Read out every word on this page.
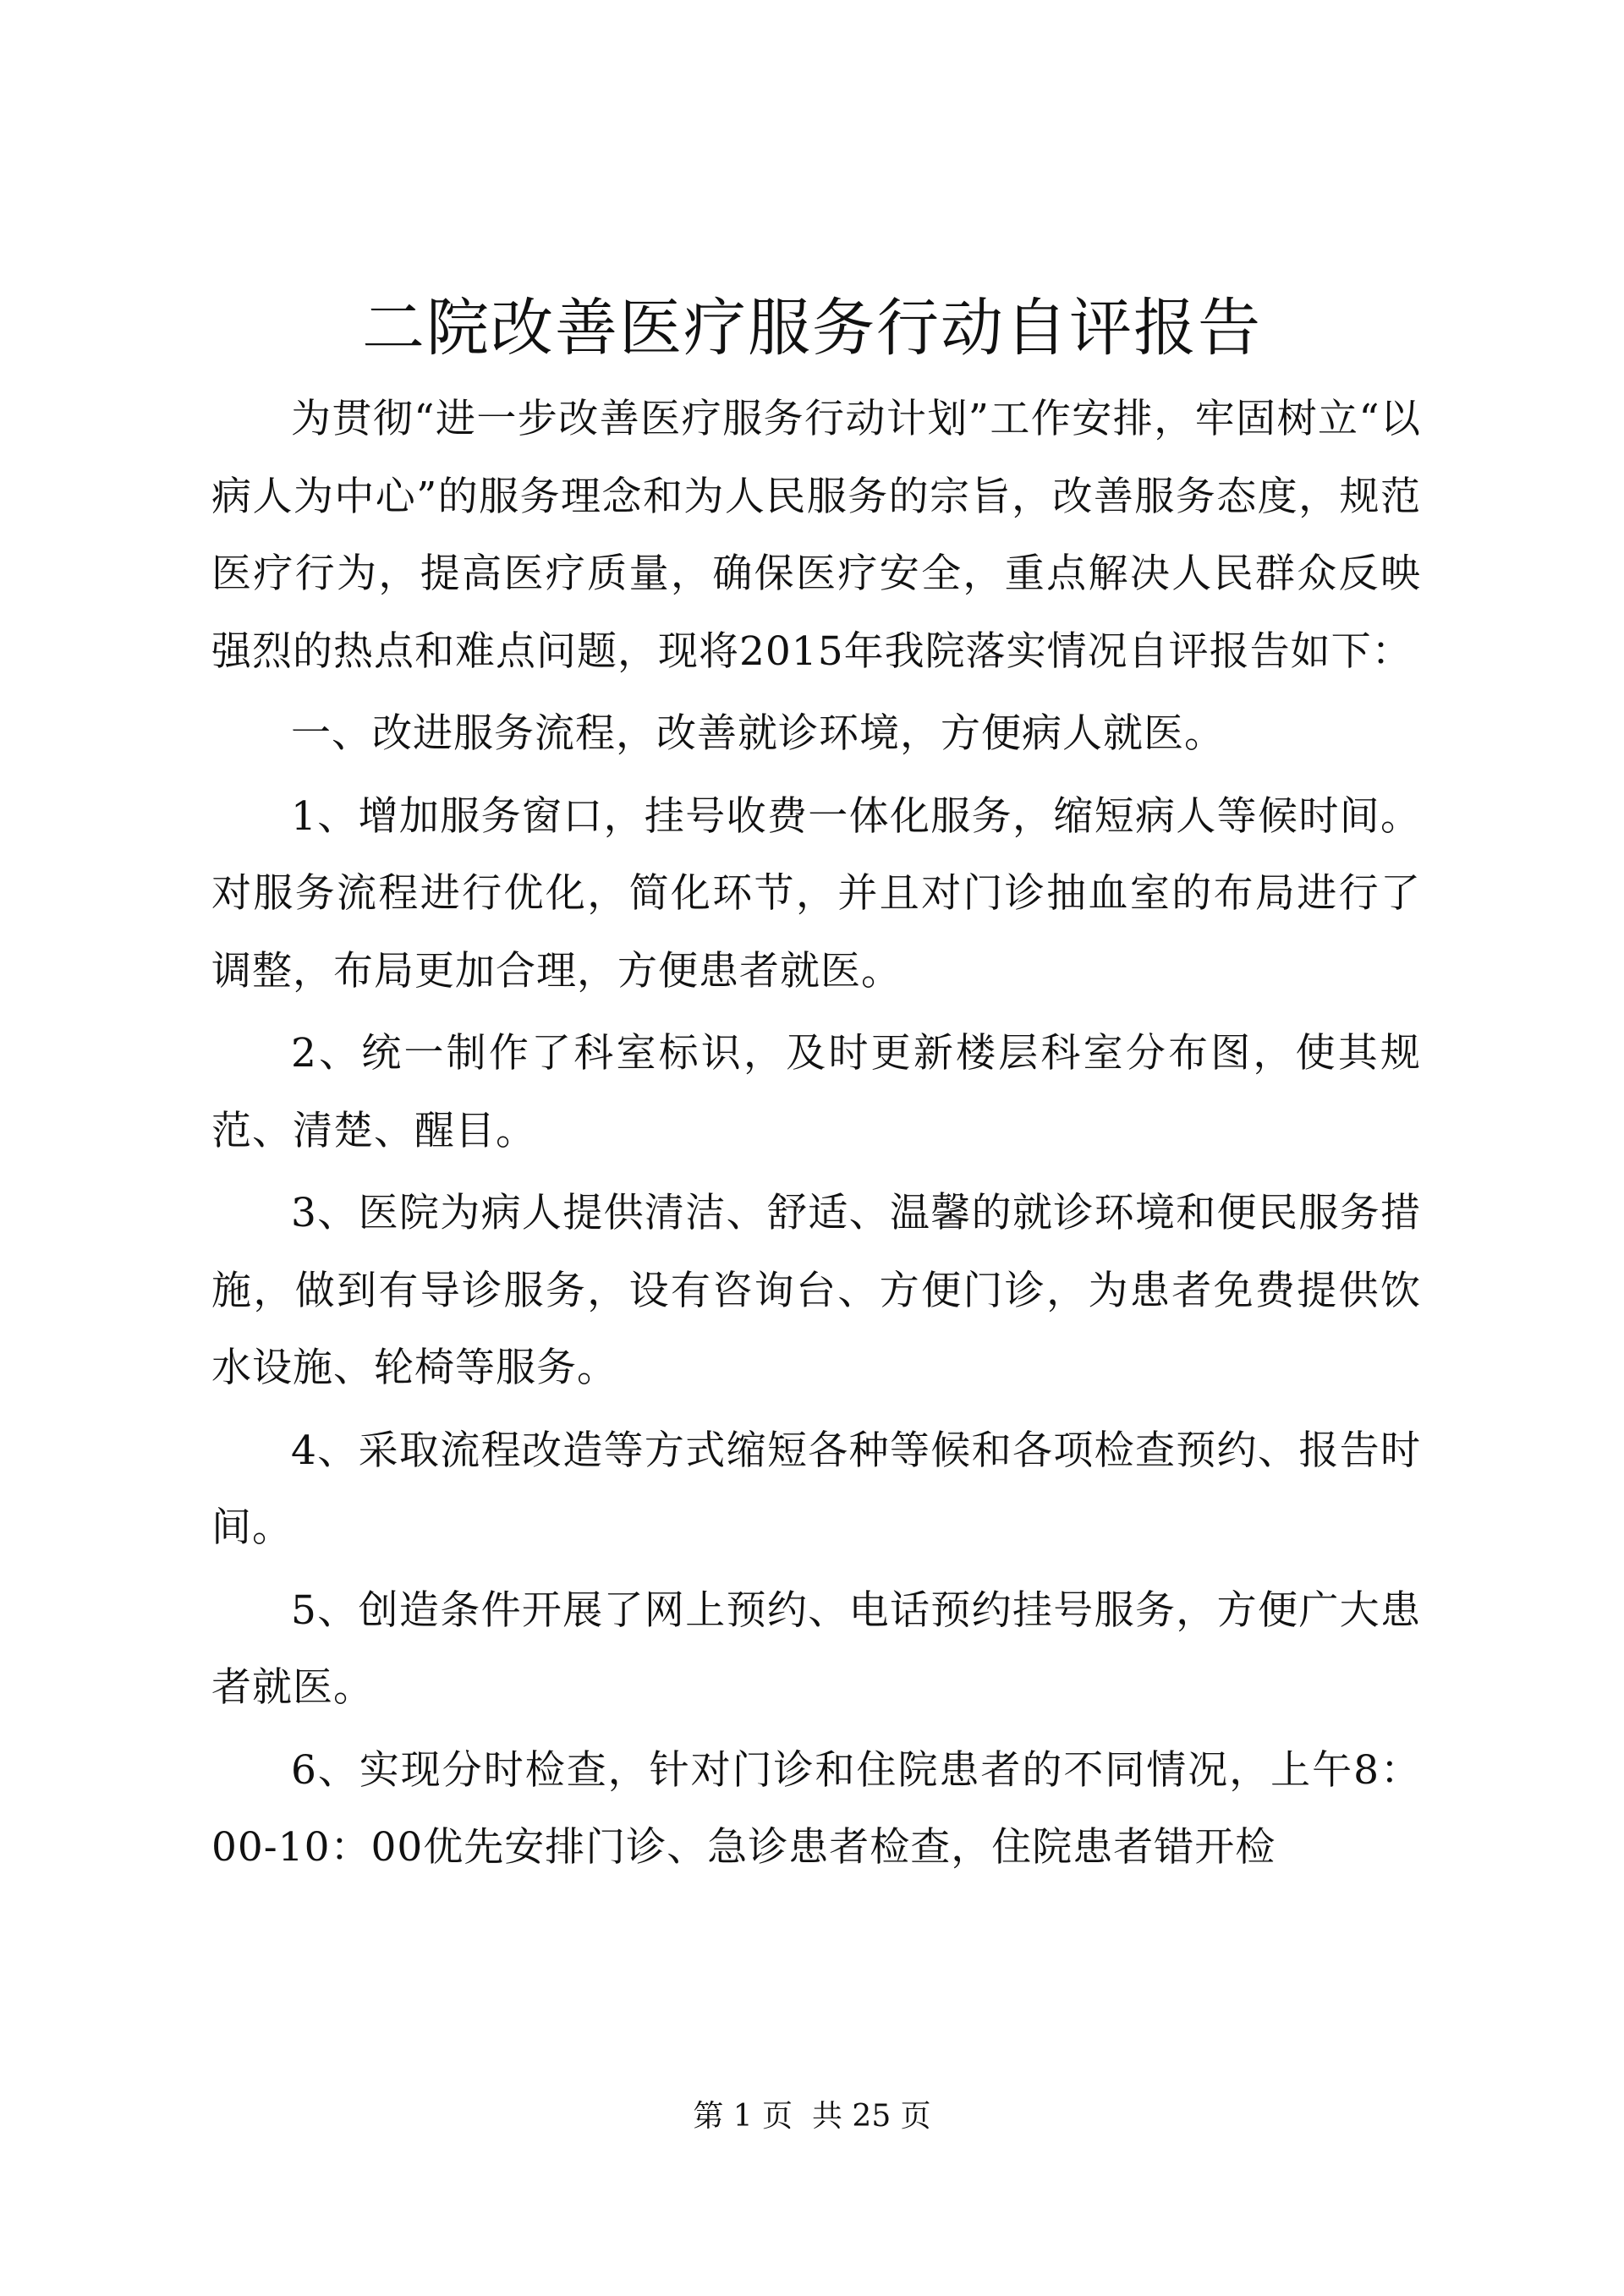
二院改善医疗服务行动自评报告

为贯彻“进一步改善医疗服务行动计划”工作安排，牢固树立“以病人为中心”的服务理念和为人民服务的宗旨，改善服务态度，规范医疗行为，提高医疗质量，确保医疗安全，重点解决人民群众反映强烈的热点和难点问题，现将2015年我院落实情况自评报告如下：

一、改进服务流程，改善就诊环境，方便病人就医。

1、增加服务窗口，挂号收费一体化服务，缩短病人等候时间。对服务流程进行优化，简化环节，并且对门诊抽血室的布局进行了调整，布局更加合理，方便患者就医。

2、统一制作了科室标识，及时更新楼层科室分布图，使其规范、清楚、醒目。

3、医院为病人提供清洁、舒适、温馨的就诊环境和便民服务措施，做到有导诊服务，设有咨询台、方便门诊，为患者免费提供饮水设施、轮椅等服务。

4、采取流程改造等方式缩短各种等候和各项检查预约、报告时间。

5、创造条件开展了网上预约、电话预约挂号服务，方便广大患者就医。

6、实现分时检查，针对门诊和住院患者的不同情况，上午8：00-10：00优先安排门诊、急诊患者检查，住院患者错开检

第 1 页  共 25 页
